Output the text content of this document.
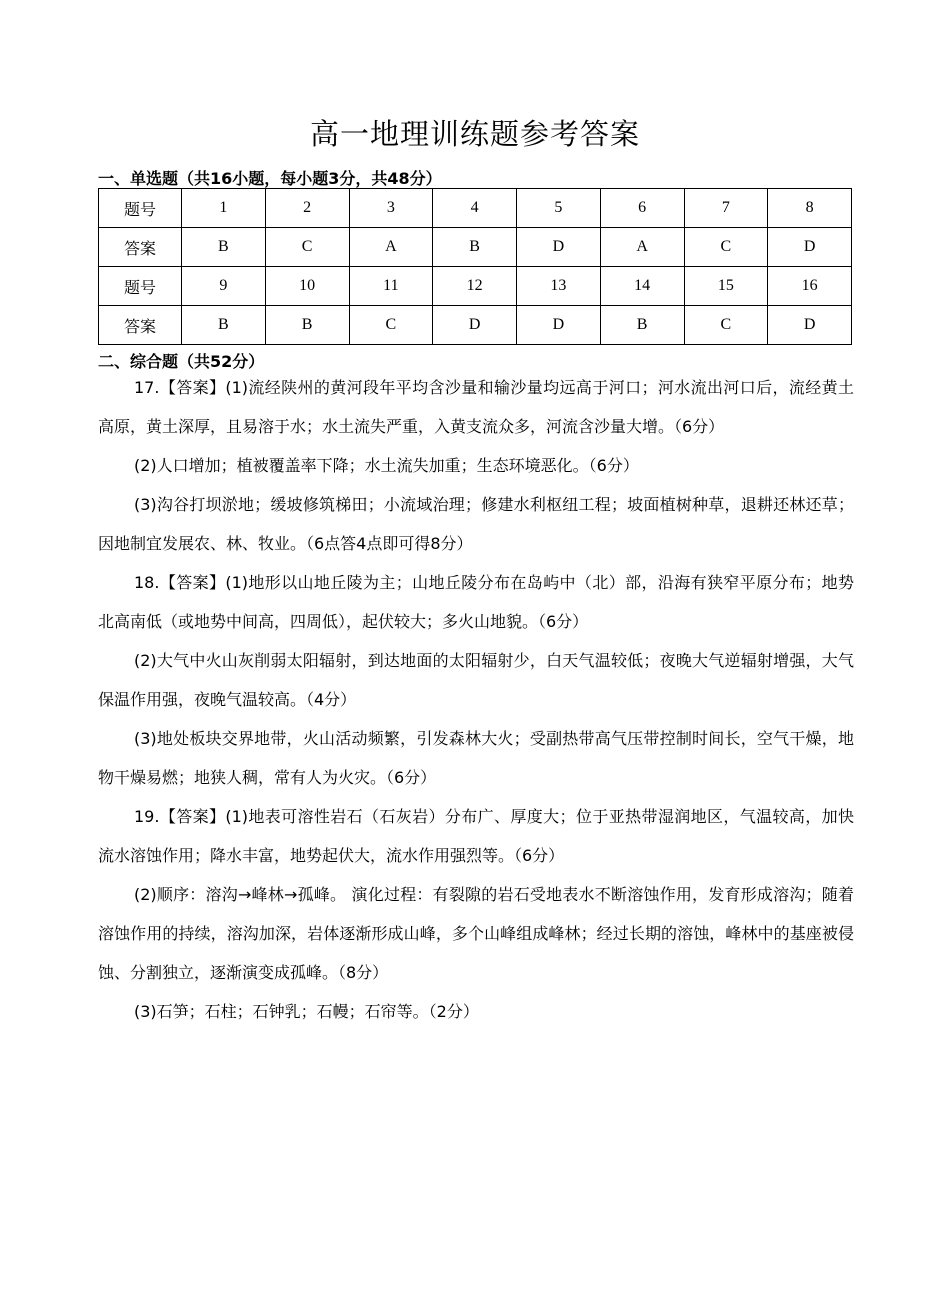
高一地理训练题参考答案
一、单选题（共16小题，每小题3分，共48分）
题号	1	2	3	4	5	6	7	8
答案	B	C	A	B	D	A	C	D
题号	9	10	11	12	13	14	15	16
答案	B	B	C	D	D	B	C	D
二、综合题（共52分）

17.【答案】(1)流经陕州的黄河段年平均含沙量和输沙量均远高于河口；河水流出河口后，流经黄土高原，黄土深厚，且易溶于水；水土流失严重，入黄支流众多，河流含沙量大增。（6分）

(2)人口增加；植被覆盖率下降；水土流失加重；生态环境恶化。（6分）

(3)沟谷打坝淤地；缓坡修筑梯田；小流域治理；修建水利枢纽工程；坡面植树种草，退耕还林还草；因地制宜发展农、林、牧业。（6点答4点即可得8分）

18.【答案】(1)地形以山地丘陵为主；山地丘陵分布在岛屿中（北）部，沿海有狭窄平原分布；地势北高南低（或地势中间高，四周低），起伏较大；多火山地貌。（6分）

(2)大气中火山灰削弱太阳辐射，到达地面的太阳辐射少，白天气温较低；夜晚大气逆辐射增强，大气保温作用强，夜晚气温较高。（4分）

(3)地处板块交界地带，火山活动频繁，引发森林大火；受副热带高气压带控制时间长，空气干燥，地物干燥易燃；地狭人稠，常有人为火灾。（6分）

19.【答案】(1)地表可溶性岩石（石灰岩）分布广、厚度大；位于亚热带湿润地区，气温较高，加快流水溶蚀作用；降水丰富，地势起伏大，流水作用强烈等。（6分）

(2)顺序：溶沟→峰林→孤峰。 演化过程：有裂隙的岩石受地表水不断溶蚀作用，发育形成溶沟；随着溶蚀作用的持续，溶沟加深，岩体逐渐形成山峰，多个山峰组成峰林；经过长期的溶蚀，峰林中的基座被侵蚀、分割独立，逐渐演变成孤峰。（8分）

(3)石笋；石柱；石钟乳；石幔；石帘等。（2分）
